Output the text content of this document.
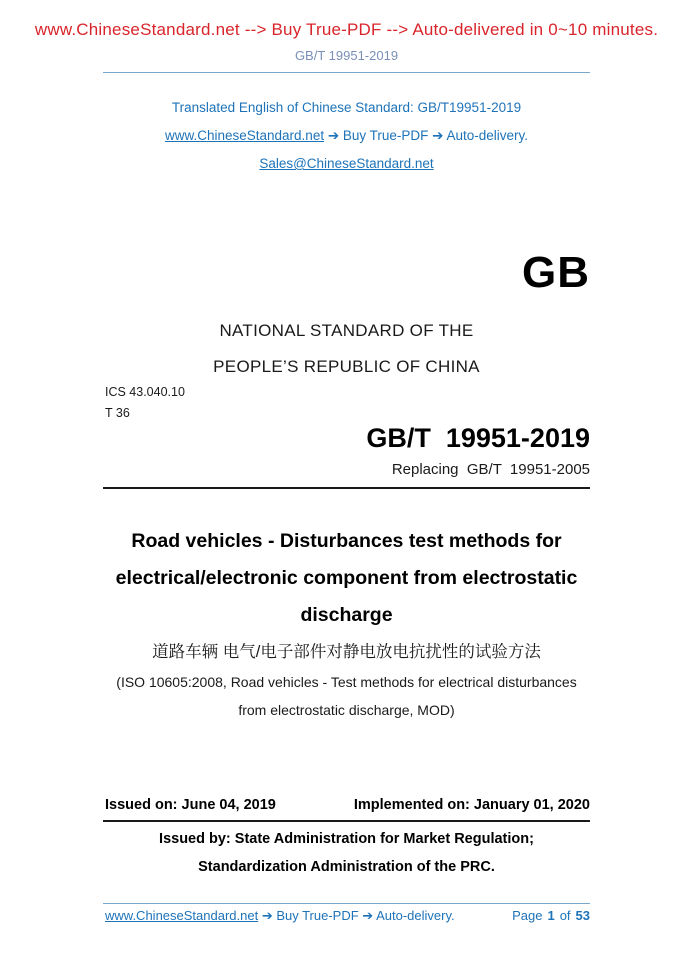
www.ChineseStandard.net --> Buy True-PDF --> Auto-delivered in 0~10 minutes.
GB/T 19951-2019
Translated English of Chinese Standard: GB/T19951-2019
www.ChineseStandard.net ➔ Buy True-PDF ➔ Auto-delivery.
Sales@ChineseStandard.net
GB
NATIONAL STANDARD OF THE
PEOPLE’S REPUBLIC OF CHINA
ICS 43.040.10
T 36
GB/T  19951-2019
Replacing  GB/T  19951-2005
Road vehicles - Disturbances test methods for
electrical/electronic component from electrostatic
discharge
道路车辆 电气/电子部件对静电放电抗扰性的试验方法
(ISO 10605:2008, Road vehicles - Test methods for electrical disturbances
from electrostatic discharge, MOD)
Issued on: June 04, 2019	Implemented on: January 01, 2020
Issued by: State Administration for Market Regulation;
Standardization Administration of the PRC.
www.ChineseStandard.net ➔ Buy True-PDF ➔ Auto-delivery.	Page 1 of 53
